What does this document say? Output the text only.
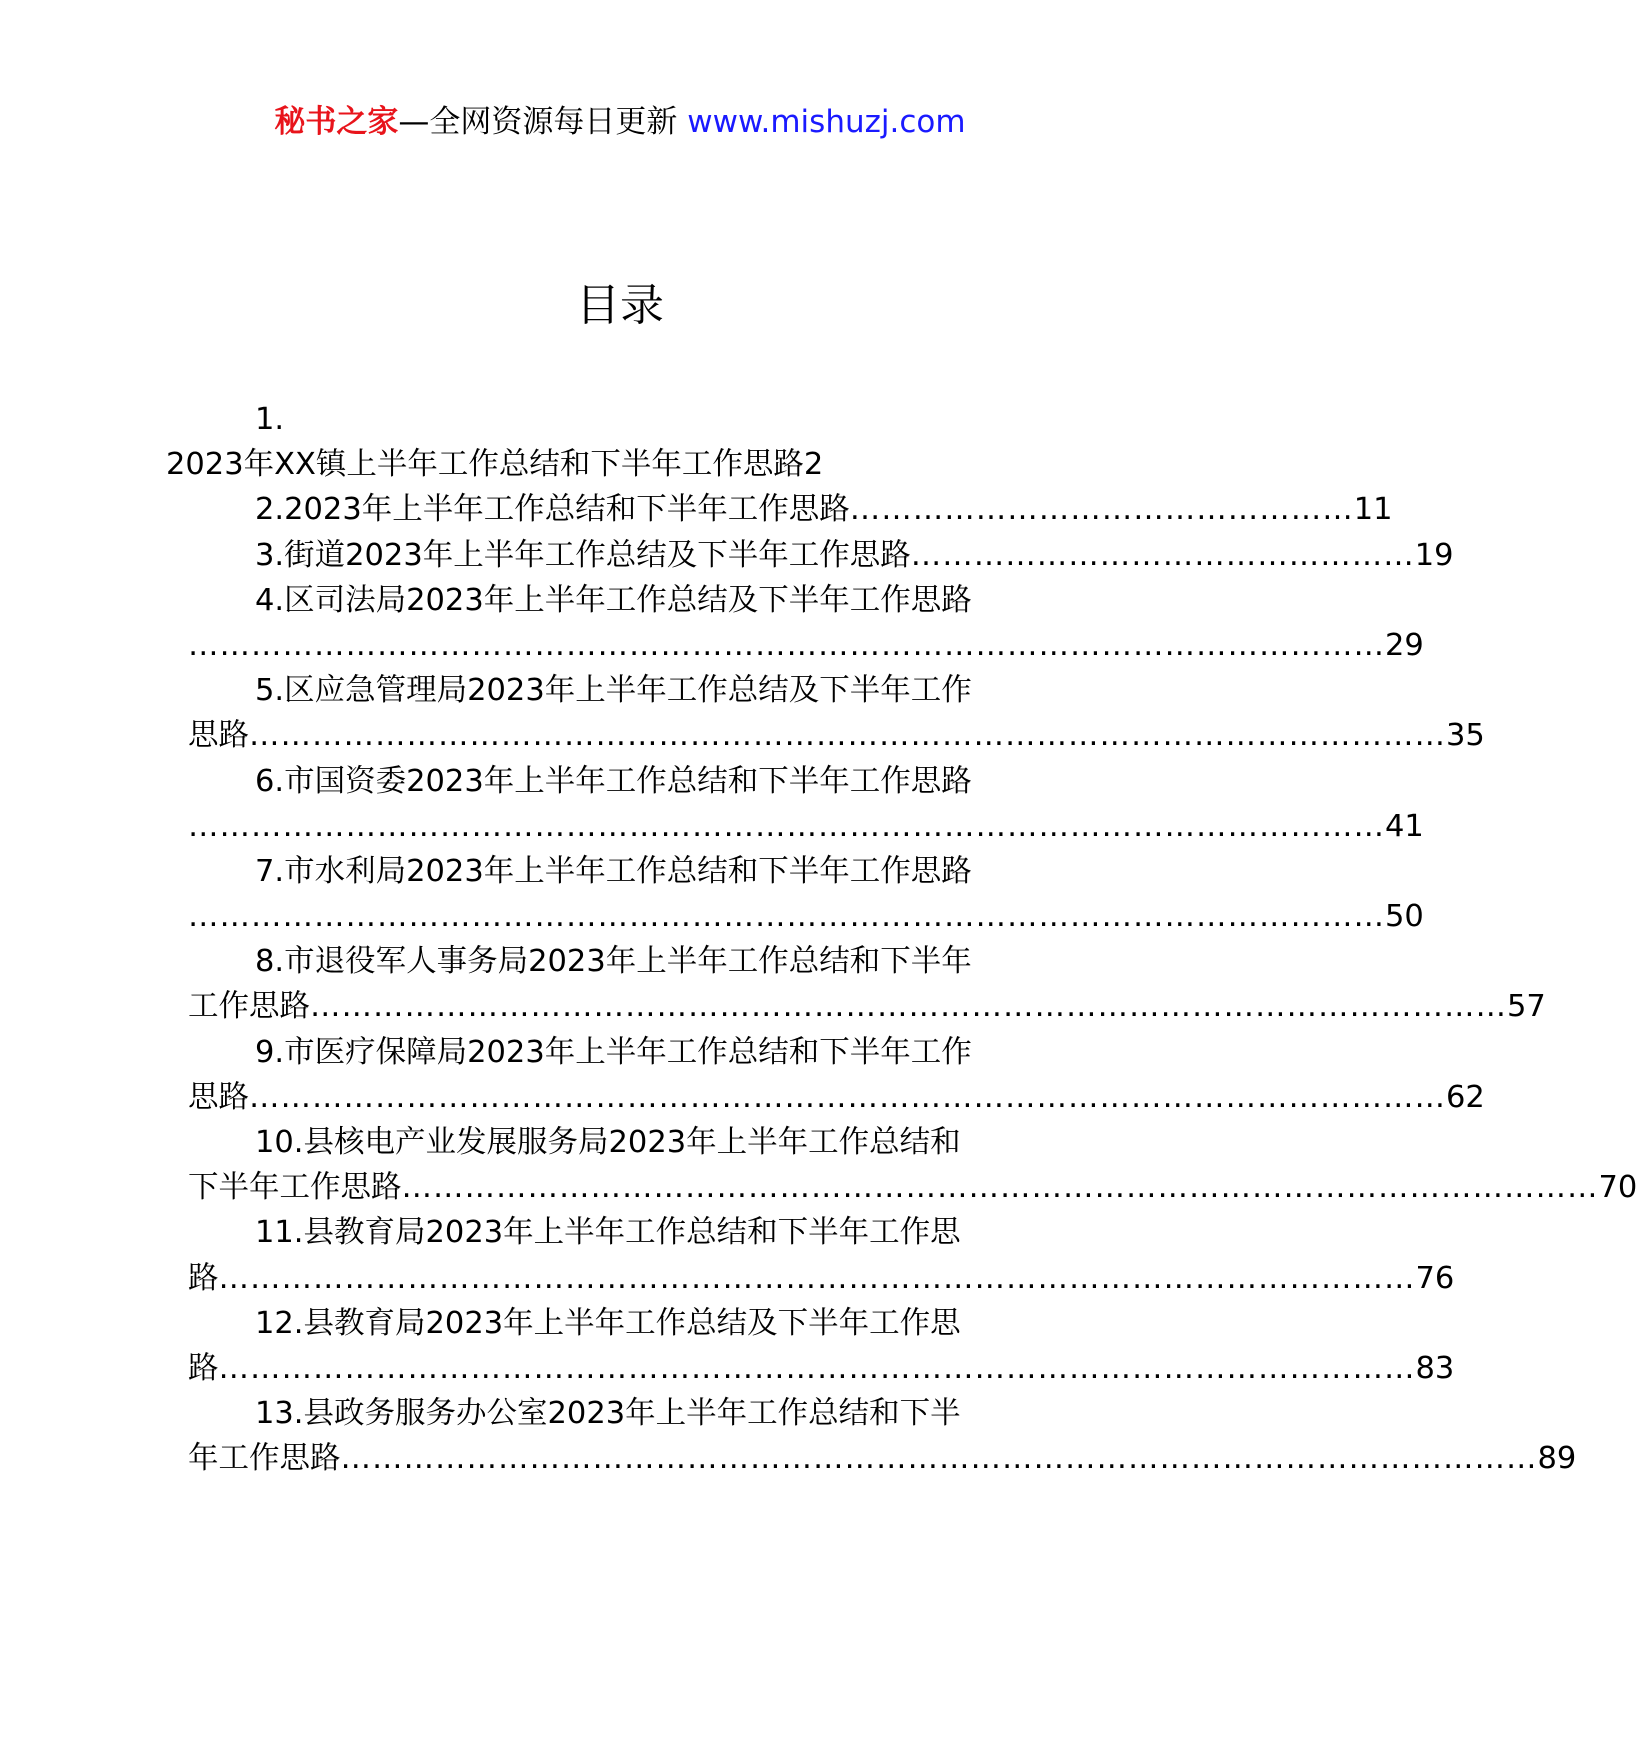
秘书之家—全网资源每日更新 www.mishuzj.com
目录
1.
2023年XX镇上半年工作总结和下半年工作思路2
2.2023年上半年工作总结和下半年工作思路 ………………………………………… 11
3.街道2023年上半年工作总结及下半年工作思路 ………………………………………… 19
4.区司法局2023年上半年工作总结及下半年工作思路
…………………………………………………………………………………………………… 29
5.区应急管理局2023年上半年工作总结及下半年工作
思路 …………………………………………………………………………………………………… 35
6.市国资委2023年上半年工作总结和下半年工作思路
…………………………………………………………………………………………………… 41
7.市水利局2023年上半年工作总结和下半年工作思路
…………………………………………………………………………………………………… 50
8.市退役军人事务局2023年上半年工作总结和下半年
工作思路 …………………………………………………………………………………………………… 57
9.市医疗保障局2023年上半年工作总结和下半年工作
思路 …………………………………………………………………………………………………… 62
10.县核电产业发展服务局2023年上半年工作总结和
下半年工作思路 …………………………………………………………………………………………………… 70
11.县教育局2023年上半年工作总结和下半年工作思
路 …………………………………………………………………………………………………… 76
12.县教育局2023年上半年工作总结及下半年工作思
路 …………………………………………………………………………………………………… 83
13.县政务服务办公室2023年上半年工作总结和下半
年工作思路 …………………………………………………………………………………………………… 89
